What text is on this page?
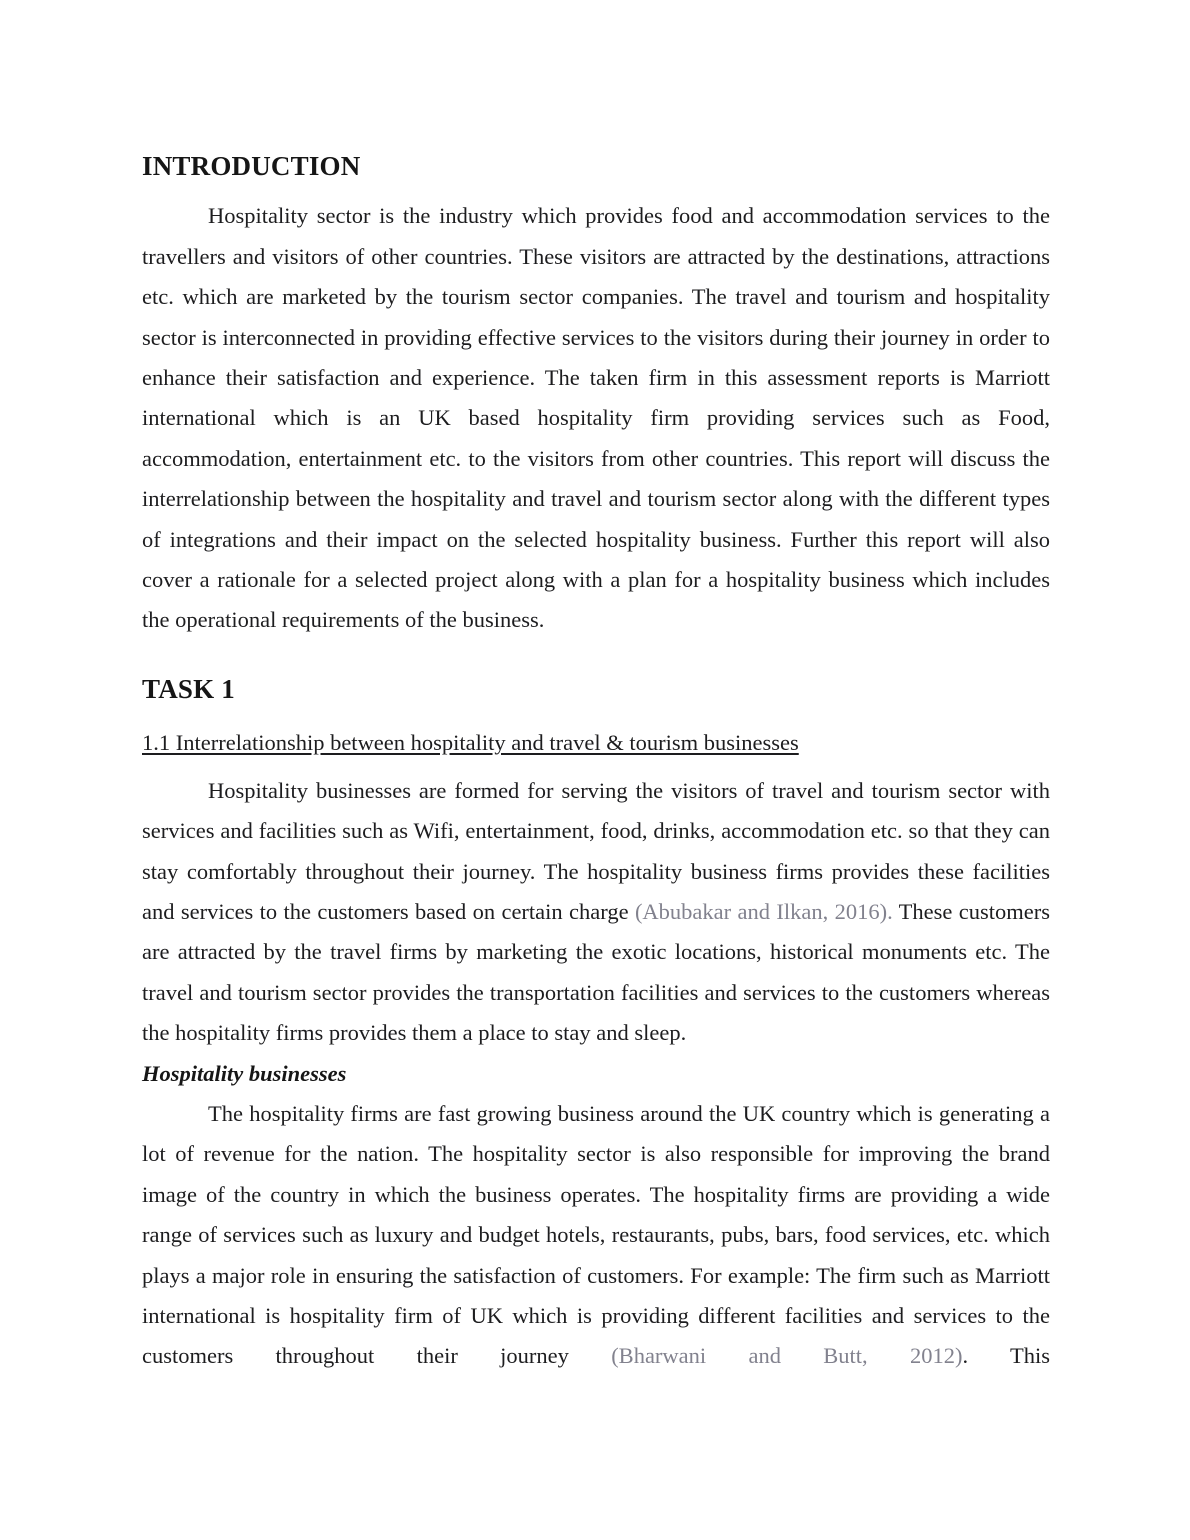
INTRODUCTION

Hospitality sector is the industry which provides food and accommodation services to the travellers and visitors of other countries. These visitors are attracted by the destinations, attractions etc. which are marketed by the tourism sector companies. The travel and tourism and hospitality sector is interconnected in providing effective services to the visitors during their journey in order to enhance their satisfaction and experience. The taken firm in this assessment reports is Marriott international which is an UK based hospitality firm providing services such as Food, accommodation, entertainment etc. to the visitors from other countries. This report will discuss the interrelationship between the hospitality and travel and tourism sector along with the different types of integrations and their impact on the selected hospitality business. Further this report will also cover a rationale for a selected project along with a plan for a hospitality business which includes the operational requirements of the business.

TASK 1
1.1 Interrelationship between hospitality and travel & tourism businesses

Hospitality businesses are formed for serving the visitors of travel and tourism sector with services and facilities such as Wifi, entertainment, food, drinks, accommodation etc. so that they can stay comfortably throughout their journey. The hospitality business firms provides these facilities and services to the customers based on certain charge (Abubakar and Ilkan, 2016). These customers are attracted by the travel firms by marketing the exotic locations, historical monuments etc. The travel and tourism sector provides the transportation facilities and services to the customers whereas the hospitality firms provides them a place to stay and sleep.

Hospitality businesses

The hospitality firms are fast growing business around the UK country which is generating a lot of revenue for the nation. The hospitality sector is also responsible for improving the brand image of the country in which the business operates. The hospitality firms are providing a wide range of services such as luxury and budget hotels, restaurants, pubs, bars, food services, etc. which plays a major role in ensuring the satisfaction of customers. For example: The firm such as Marriott international is hospitality firm of UK which is providing different facilities and services to the customers throughout their journey (Bharwani and Butt, 2012). This
